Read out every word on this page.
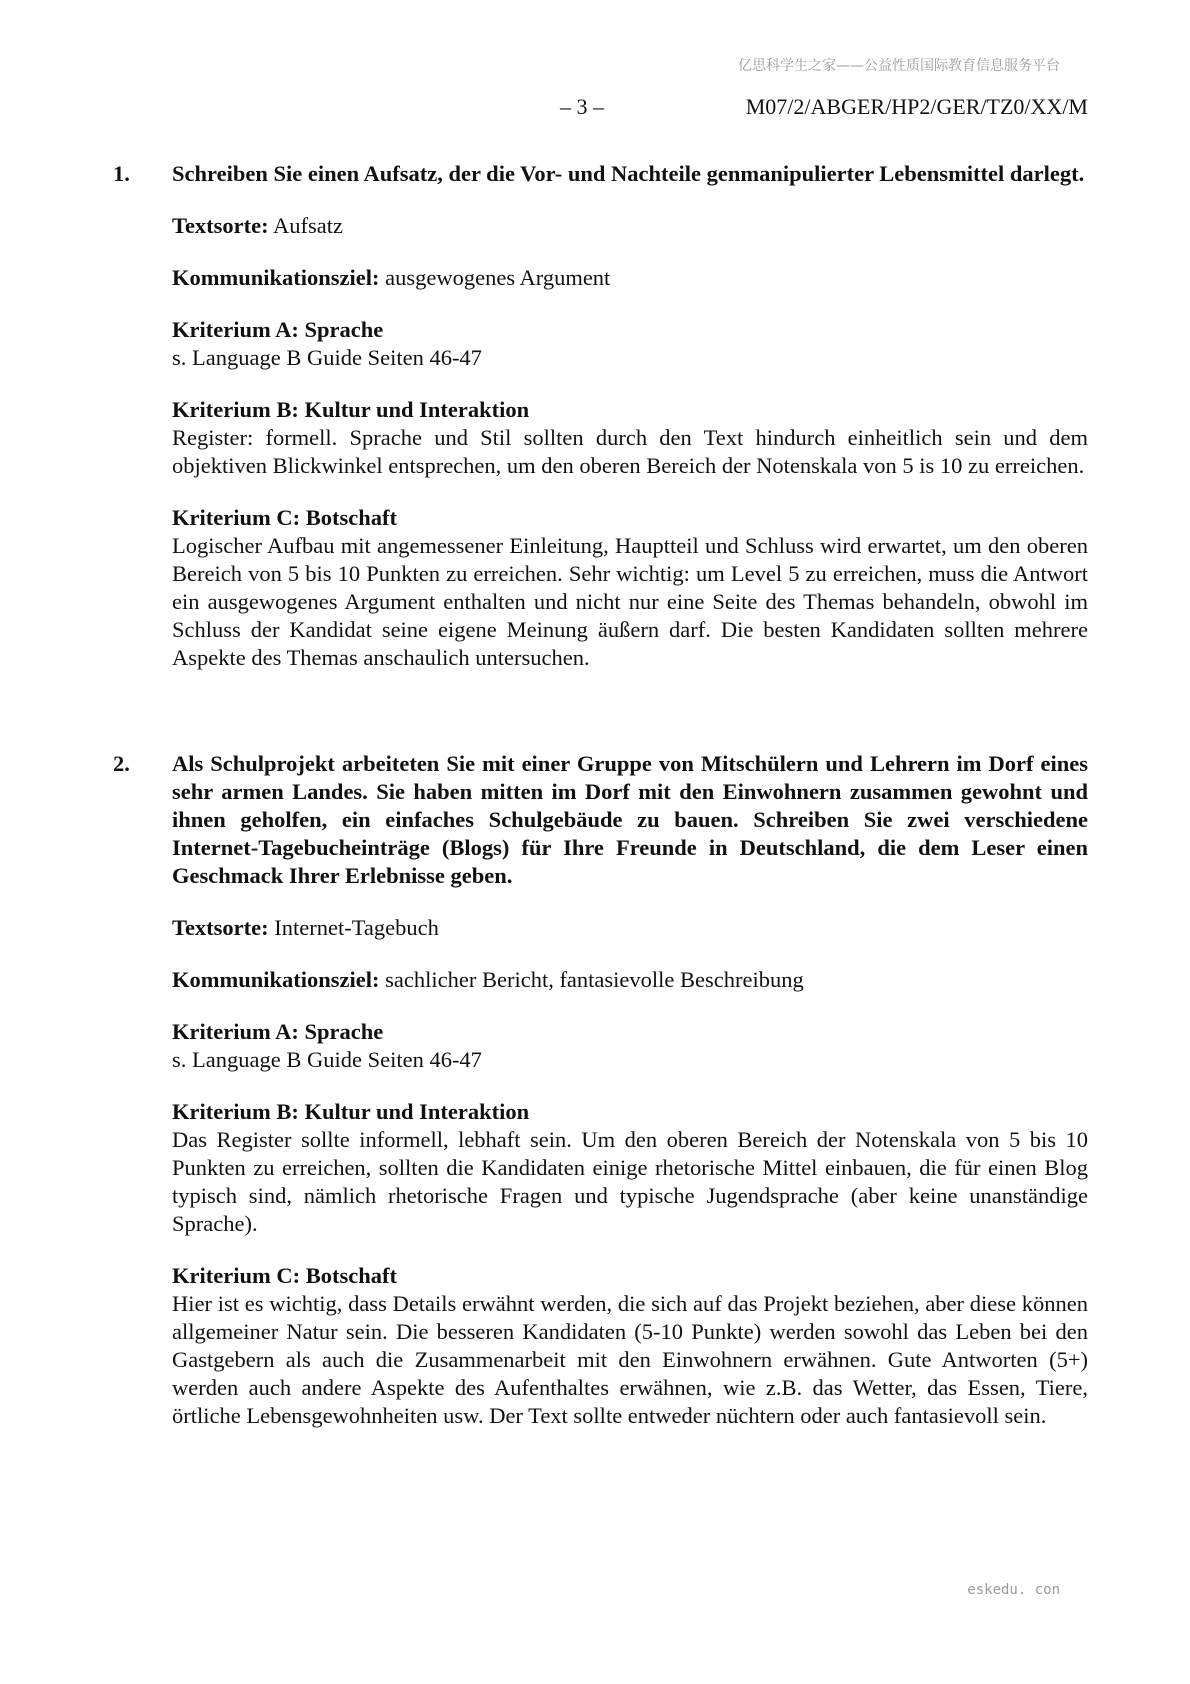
亿思科学生之家——公益性质国际教育信息服务平台
– 3 –	M07/2/ABGER/HP2/GER/TZ0/XX/M
1. Schreiben Sie einen Aufsatz, der die Vor- und Nachteile genmanipulierter Lebensmittel darlegt.

Textsorte: Aufsatz

Kommunikationsziel: ausgewogenes Argument

Kriterium A: Sprache
s. Language B Guide Seiten 46-47

Kriterium B: Kultur und Interaktion
Register: formell. Sprache und Stil sollten durch den Text hindurch einheitlich sein und dem objektiven Blickwinkel entsprechen, um den oberen Bereich der Notenskala von 5 is 10 zu erreichen.

Kriterium C: Botschaft
Logischer Aufbau mit angemessener Einleitung, Hauptteil und Schluss wird erwartet, um den oberen Bereich von 5 bis 10 Punkten zu erreichen. Sehr wichtig: um Level 5 zu erreichen, muss die Antwort ein ausgewogenes Argument enthalten und nicht nur eine Seite des Themas behandeln, obwohl im Schluss der Kandidat seine eigene Meinung äußern darf. Die besten Kandidaten sollten mehrere Aspekte des Themas anschaulich untersuchen.

2. Als Schulprojekt arbeiteten Sie mit einer Gruppe von Mitschülern und Lehrern im Dorf eines sehr armen Landes. Sie haben mitten im Dorf mit den Einwohnern zusammen gewohnt und ihnen geholfen, ein einfaches Schulgebäude zu bauen. Schreiben Sie zwei verschiedene Internet-Tagebucheinträge (Blogs) für Ihre Freunde in Deutschland, die dem Leser einen Geschmack Ihrer Erlebnisse geben.

Textsorte: Internet-Tagebuch

Kommunikationsziel: sachlicher Bericht, fantasievolle Beschreibung

Kriterium A: Sprache
s. Language B Guide Seiten 46-47

Kriterium B: Kultur und Interaktion
Das Register sollte informell, lebhaft sein. Um den oberen Bereich der Notenskala von 5 bis 10 Punkten zu erreichen, sollten die Kandidaten einige rhetorische Mittel einbauen, die für einen Blog typisch sind, nämlich rhetorische Fragen und typische Jugendsprache (aber keine unanständige Sprache).

Kriterium C: Botschaft
Hier ist es wichtig, dass Details erwähnt werden, die sich auf das Projekt beziehen, aber diese können allgemeiner Natur sein. Die besseren Kandidaten (5-10 Punkte) werden sowohl das Leben bei den Gastgebern als auch die Zusammenarbeit mit den Einwohnern erwähnen. Gute Antworten (5+) werden auch andere Aspekte des Aufenthaltes erwähnen, wie z.B. das Wetter, das Essen, Tiere, örtliche Lebensgewohnheiten usw. Der Text sollte entweder nüchtern oder auch fantasievoll sein.

eskedu. con
